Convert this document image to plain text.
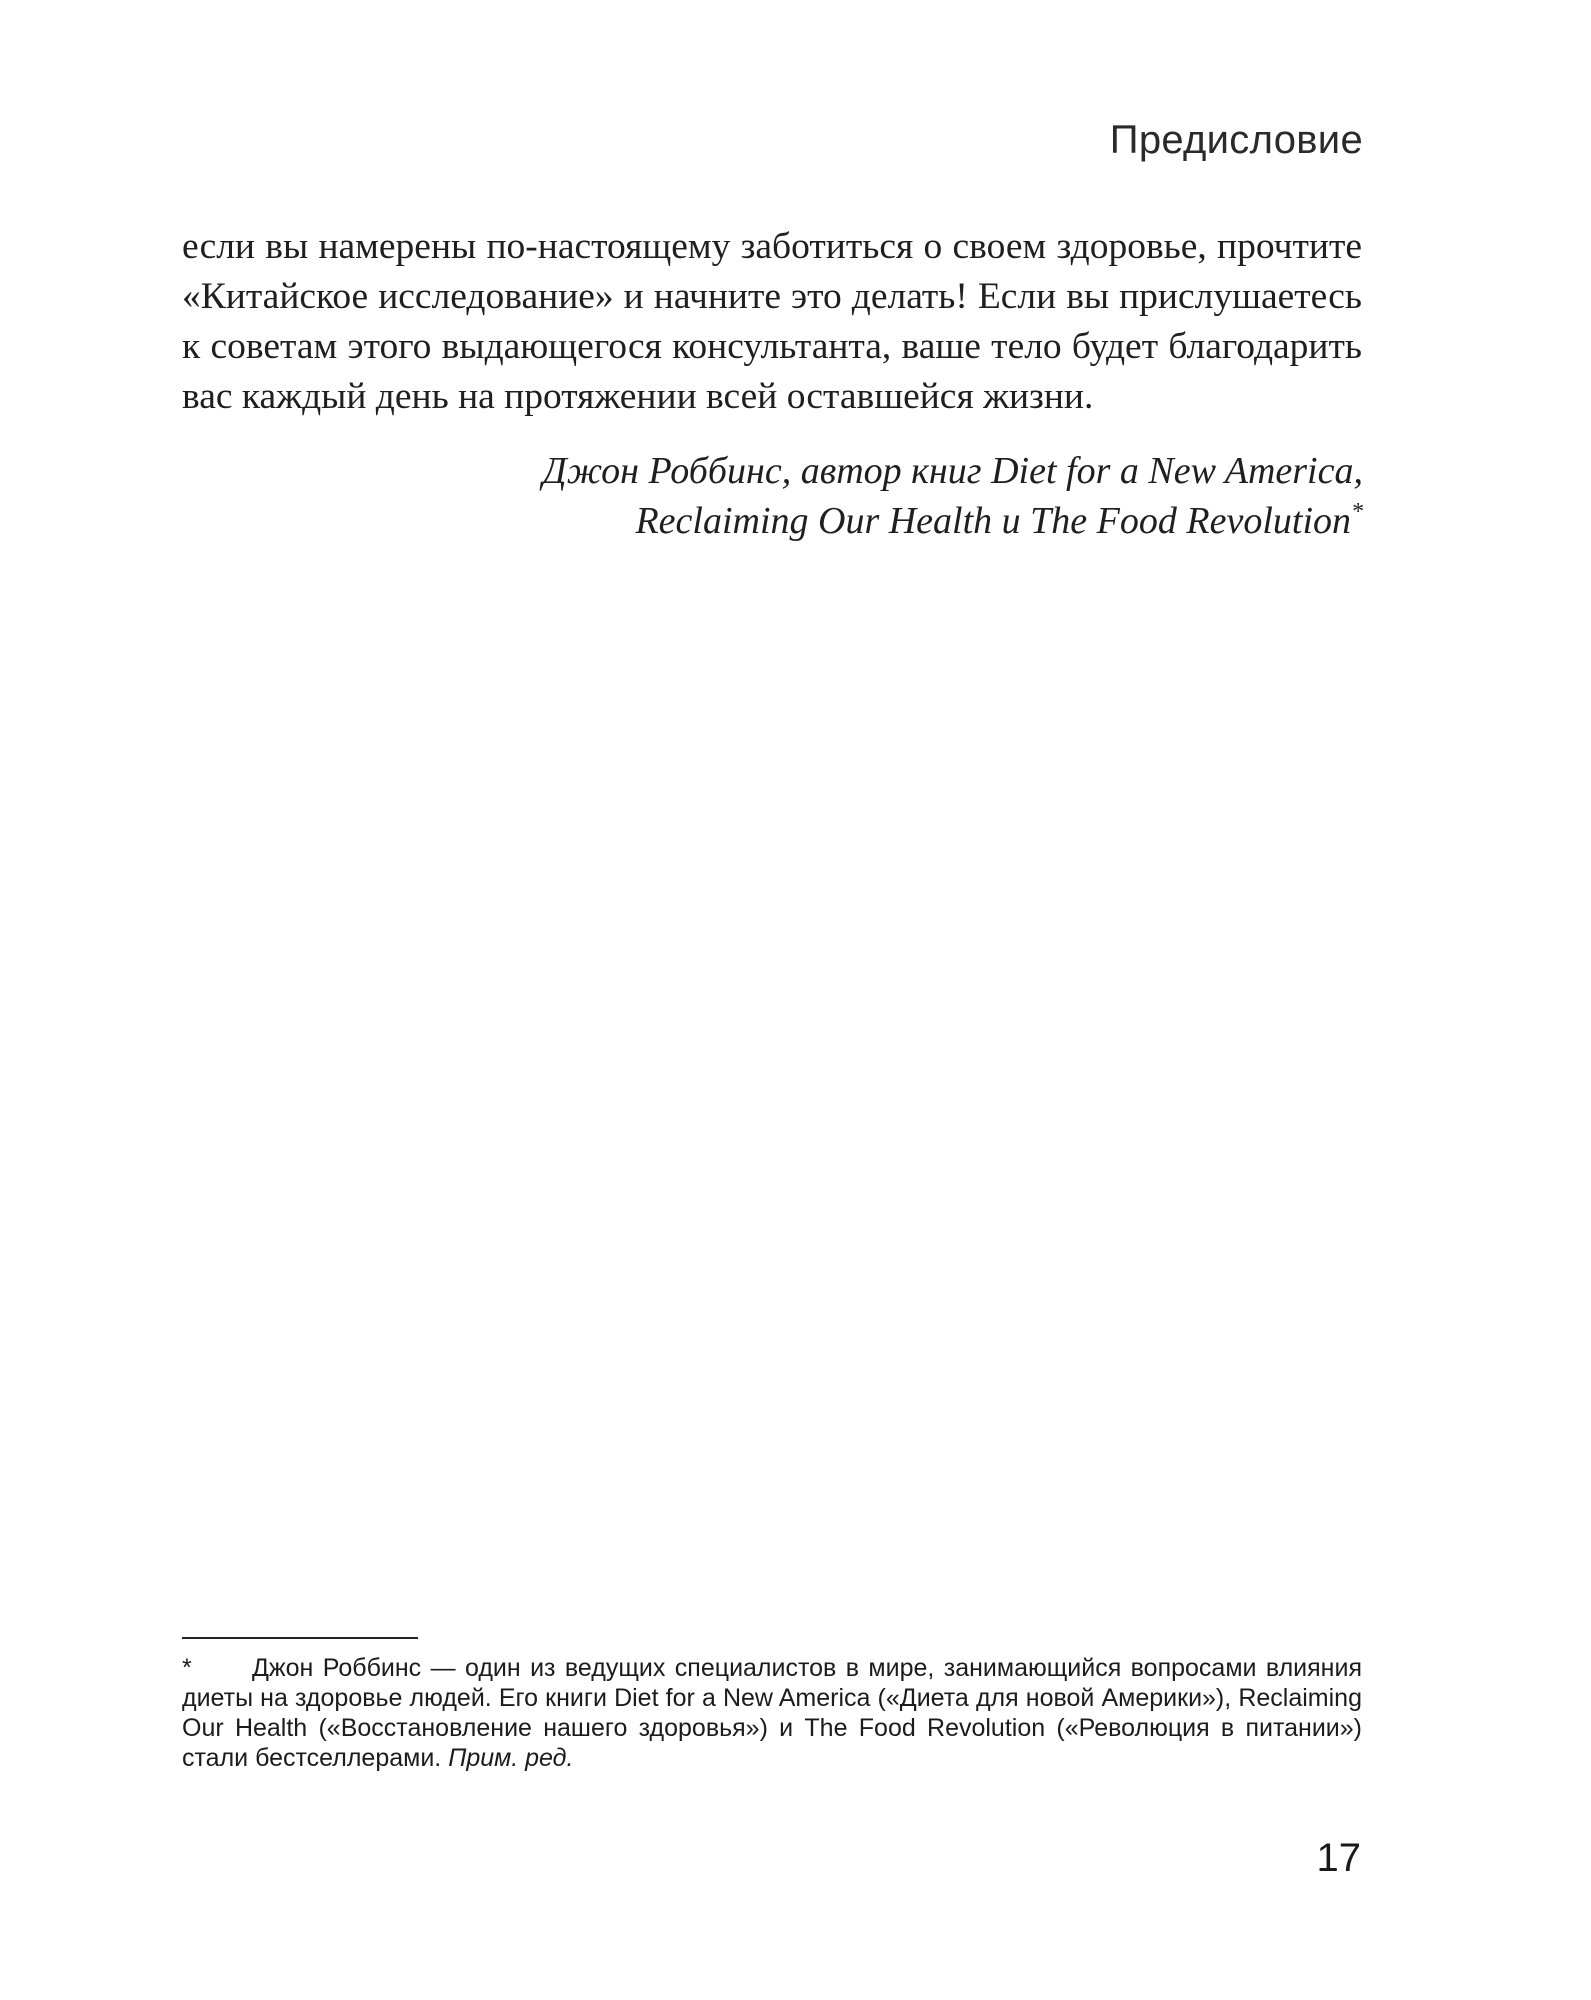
Предисловие
если вы намерены по-настоящему заботиться о своем здоровье, прочтите
«Китайское исследование» и начните это делать! Если вы прислушаетесь
к советам этого выдающегося консультанта, ваше тело будет благодарить
вас каждый день на протяжении всей оставшейся жизни.
Джон Роббинс, автор книг Diet for a New America,
Reclaiming Our Health и The Food Revolution*
* Джон Роббинс — один из ведущих специалистов в мире, занимающийся вопросами влияния
диеты на здоровье людей. Его книги Diet for a New America («Диета для новой Америки»), Reclaiming
Our Health («Восстановление нашего здоровья») и The Food Revolution («Революция в питании»)
стали бестселлерами. Прим. ред.
17
